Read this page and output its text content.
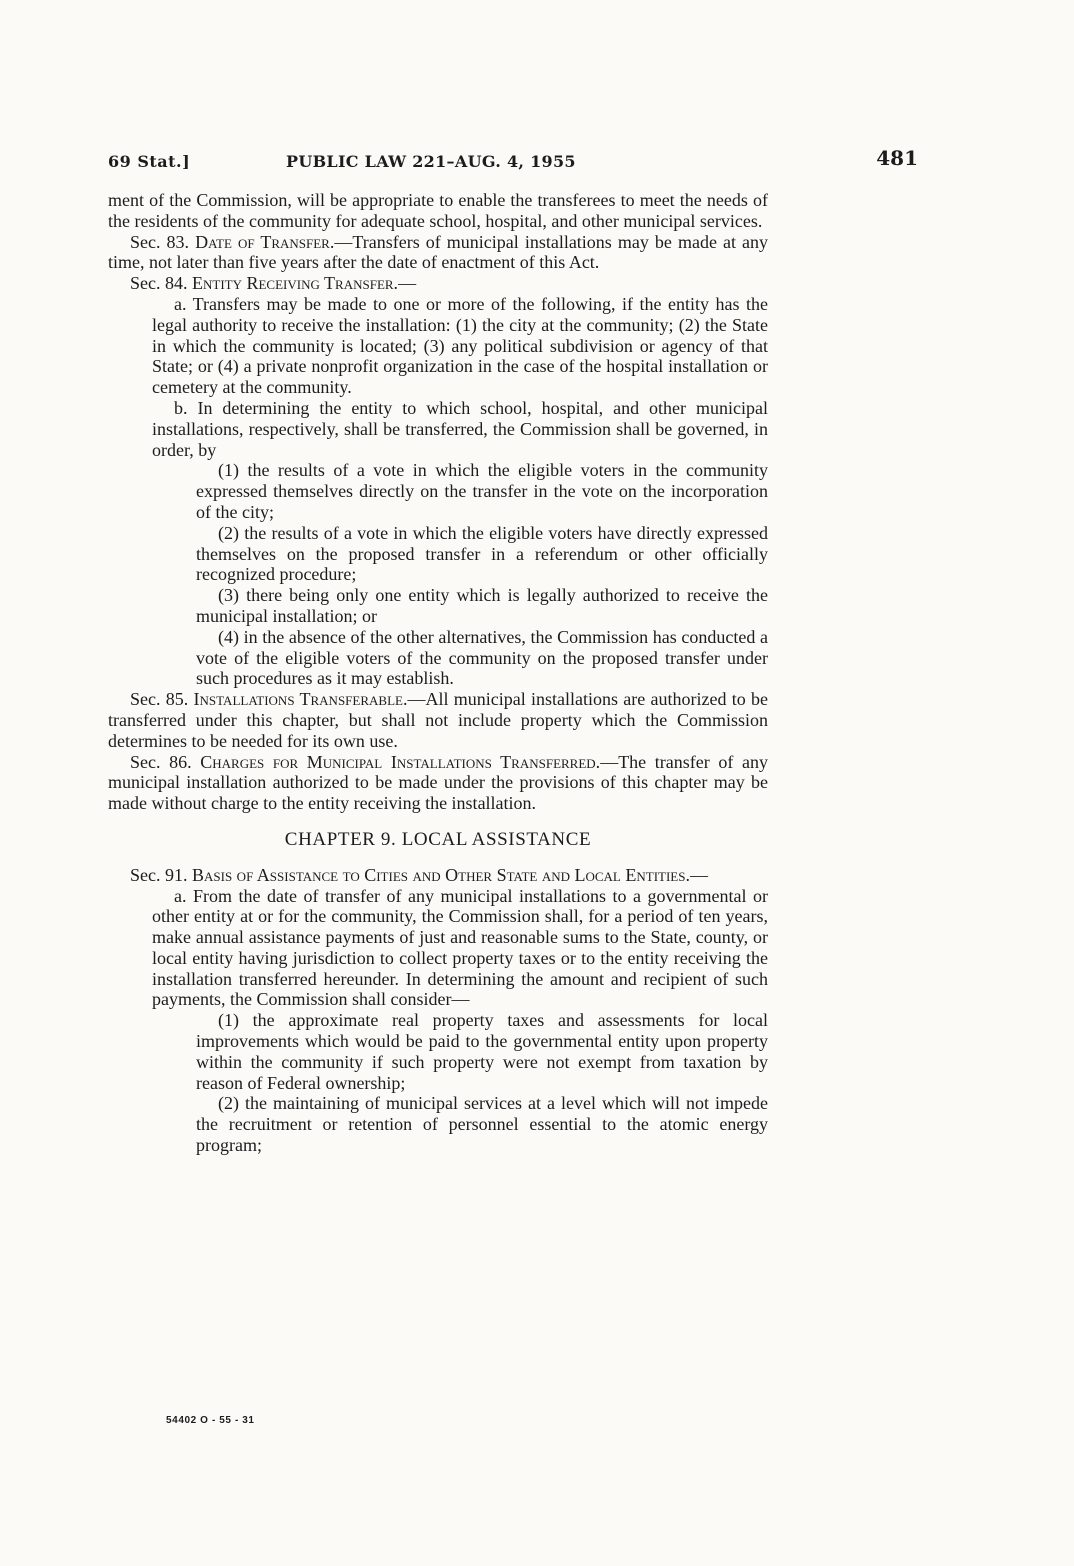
69 Stat.]	PUBLIC LAW 221–AUG. 4, 1955	481

ment of the Commission, will be appropriate to enable the transferees to meet the needs of the residents of the community for adequate school, hospital, and other municipal services.

Sec. 83. Date of Transfer.—Transfers of municipal installations may be made at any time, not later than five years after the date of enactment of this Act.

Sec. 84. Entity Receiving Transfer.—

a. Transfers may be made to one or more of the following, if the entity has the legal authority to receive the installation: (1) the city at the community; (2) the State in which the community is located; (3) any political subdivision or agency of that State; or (4) a private nonprofit organization in the case of the hospital installation or cemetery at the community.

b. In determining the entity to which school, hospital, and other municipal installations, respectively, shall be transferred, the Commission shall be governed, in order, by

(1) the results of a vote in which the eligible voters in the community expressed themselves directly on the transfer in the vote on the incorporation of the city;

(2) the results of a vote in which the eligible voters have directly expressed themselves on the proposed transfer in a referendum or other officially recognized procedure;

(3) there being only one entity which is legally authorized to receive the municipal installation; or

(4) in the absence of the other alternatives, the Commission has conducted a vote of the eligible voters of the community on the proposed transfer under such procedures as it may establish.

Sec. 85. Installations Transferable.—All municipal installations are authorized to be transferred under this chapter, but shall not include property which the Commission determines to be needed for its own use.

Sec. 86. Charges for Municipal Installations Transferred.—The transfer of any municipal installation authorized to be made under the provisions of this chapter may be made without charge to the entity receiving the installation.

CHAPTER 9. LOCAL ASSISTANCE

Sec. 91. Basis of Assistance to Cities and Other State and Local Entities.—

a. From the date of transfer of any municipal installations to a governmental or other entity at or for the community, the Commission shall, for a period of ten years, make annual assistance payments of just and reasonable sums to the State, county, or local entity having jurisdiction to collect property taxes or to the entity receiving the installation transferred hereunder. In determining the amount and recipient of such payments, the Commission shall consider—

(1) the approximate real property taxes and assessments for local improvements which would be paid to the governmental entity upon property within the community if such property were not exempt from taxation by reason of Federal ownership;

(2) the maintaining of municipal services at a level which will not impede the recruitment or retention of personnel essential to the atomic energy program;

54402 O - 55 - 31
